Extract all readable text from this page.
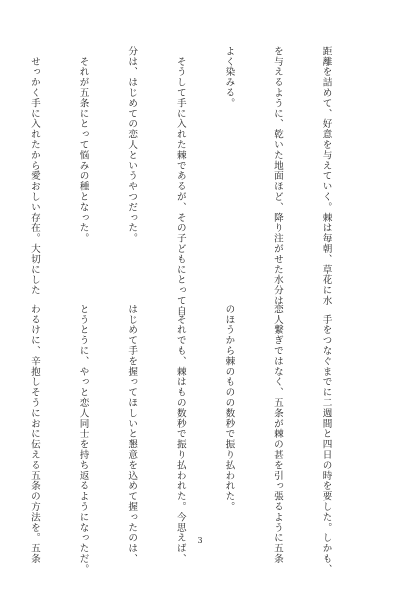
距離を詰めて、好意を与えていく。棘は毎朝、草花に水

を与えるように、乾いた地面ほど、降り注がせた水分は、

よく染みる。

　そうして手に入れた棘であるが、その子どもにとって自

分は、はじめての恋人というやつだった。

　それが五条にとって悩みの種となった。

　せっかく手に入れたから愛おしい存在。大切にした

　手をつなぐまでに二週間と四日の時を要した。しかも、

恋人繋ぎではなく、五条が棘の甚を引っ張るように五条

のほうから棘のものの数秒で振り払われた。

　それでも、棘はもの数秒で振り払われた。今思えば、

はじめて手を握ってほしいと懇意を込めて握ったのは、

とうとうに、やっと恋人同士を持ち返るようになっただ。

わるけに、辛抱しそうにおに伝える五条の方法を。五条

	3
